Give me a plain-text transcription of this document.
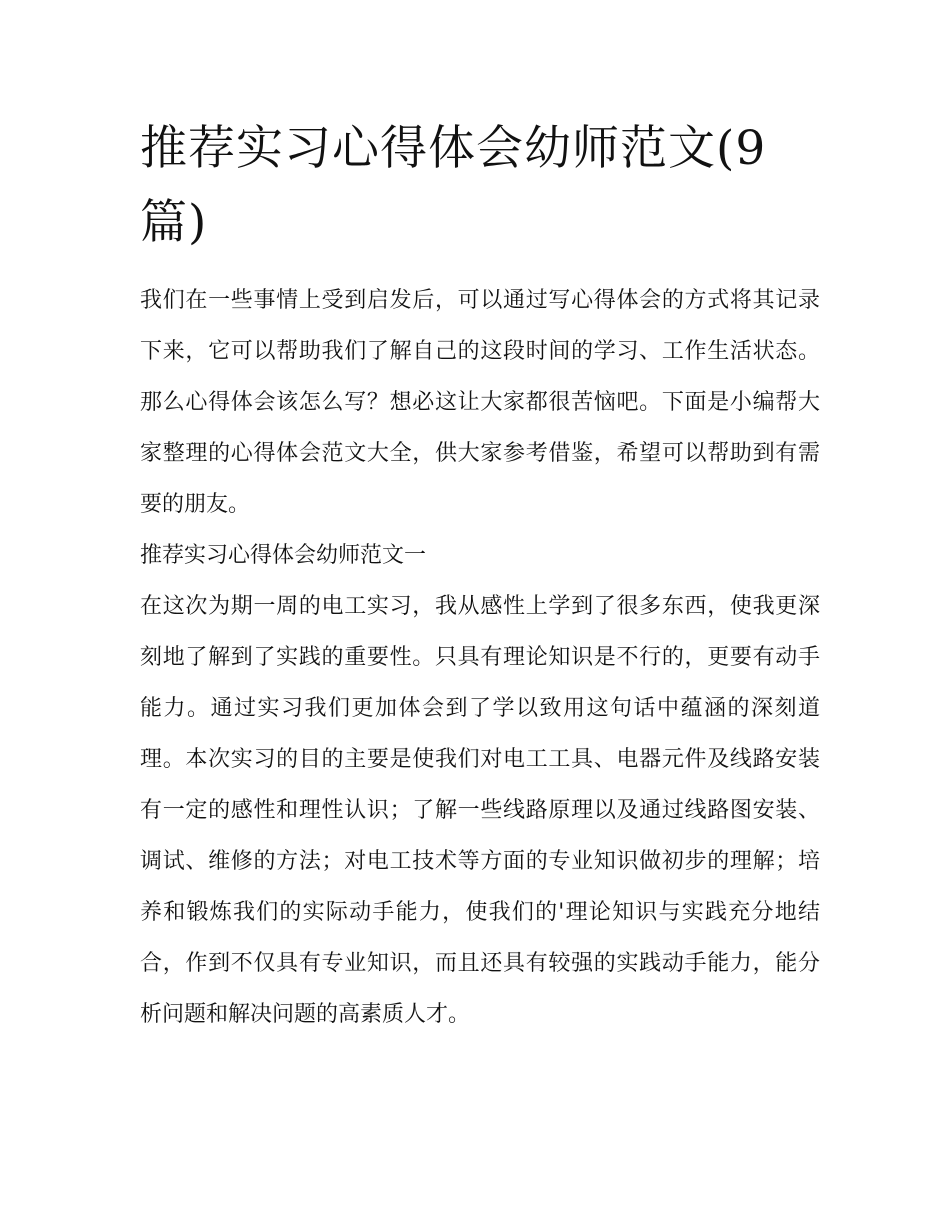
推荐实习心得体会幼师范文(9篇)

我们在一些事情上受到启发后，可以通过写心得体会的方式将其记录下来，它可以帮助我们了解自己的这段时间的学习、工作生活状态。那么心得体会该怎么写？想必这让大家都很苦恼吧。下面是小编帮大家整理的心得体会范文大全，供大家参考借鉴，希望可以帮助到有需要的朋友。

推荐实习心得体会幼师范文一

在这次为期一周的电工实习，我从感性上学到了很多东西，使我更深刻地了解到了实践的重要性。只具有理论知识是不行的，更要有动手能力。通过实习我们更加体会到了学以致用这句话中蕴涵的深刻道理。本次实习的目的主要是使我们对电工工具、电器元件及线路安装有一定的感性和理性认识；了解一些线路原理以及通过线路图安装、调试、维修的方法；对电工技术等方面的专业知识做初步的理解；培养和锻炼我们的实际动手能力，使我们的'理论知识与实践充分地结合，作到不仅具有专业知识，而且还具有较强的实践动手能力，能分析问题和解决问题的高素质人才。
